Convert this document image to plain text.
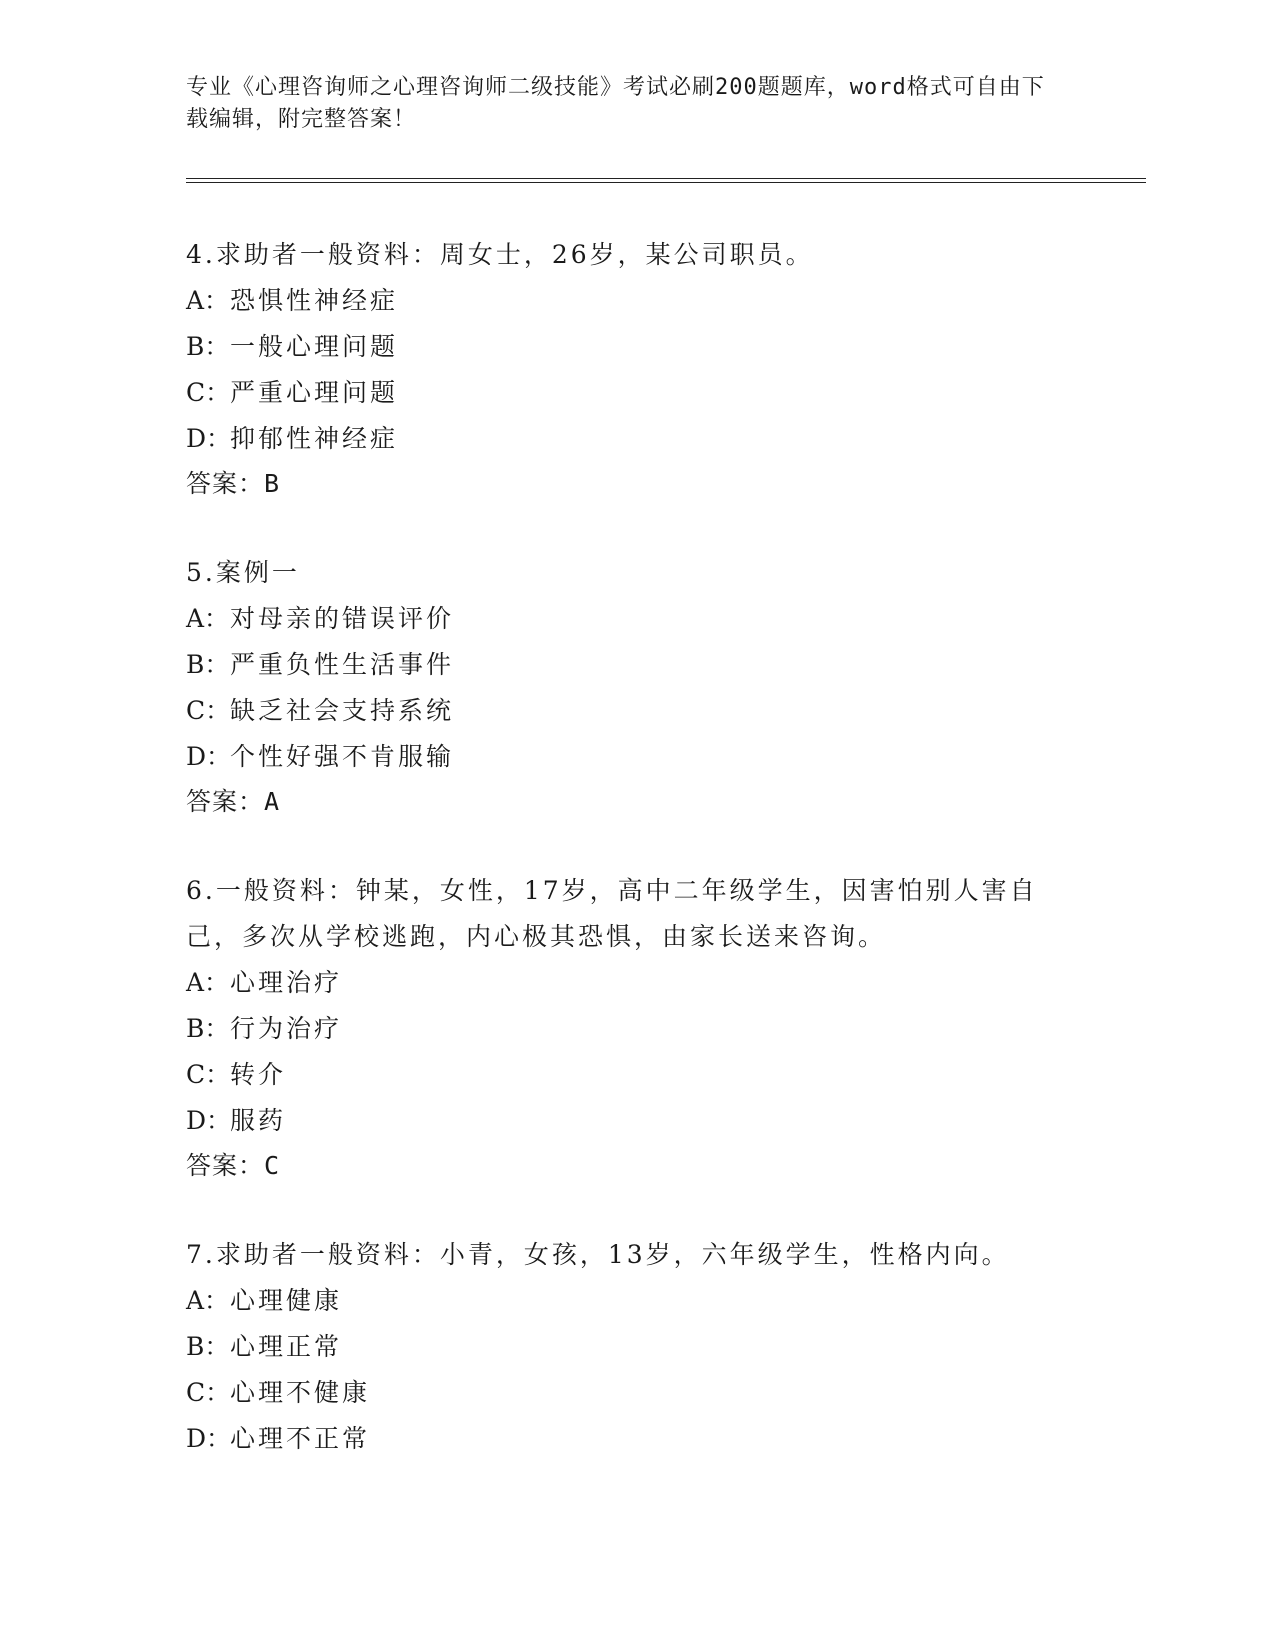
专业《心理咨询师之心理咨询师二级技能》考试必刷200题题库，word格式可自由下载编辑，附完整答案！

4.求助者一般资料：周女士，26岁，某公司职员。
A：恐惧性神经症
B：一般心理问题
C：严重心理问题
D：抑郁性神经症
答案：B
5.案例一
A：对母亲的错误评价
B：严重负性生活事件
C：缺乏社会支持系统
D：个性好强不肯服输
答案：A
6.一般资料：钟某，女性，17岁，高中二年级学生，因害怕别人害自己，多次从学校逃跑，内心极其恐惧，由家长送来咨询。
A：心理治疗
B：行为治疗
C：转介
D：服药
答案：C
7.求助者一般资料：小青，女孩，13岁，六年级学生，性格内向。
A：心理健康
B：心理正常
C：心理不健康
D：心理不正常
